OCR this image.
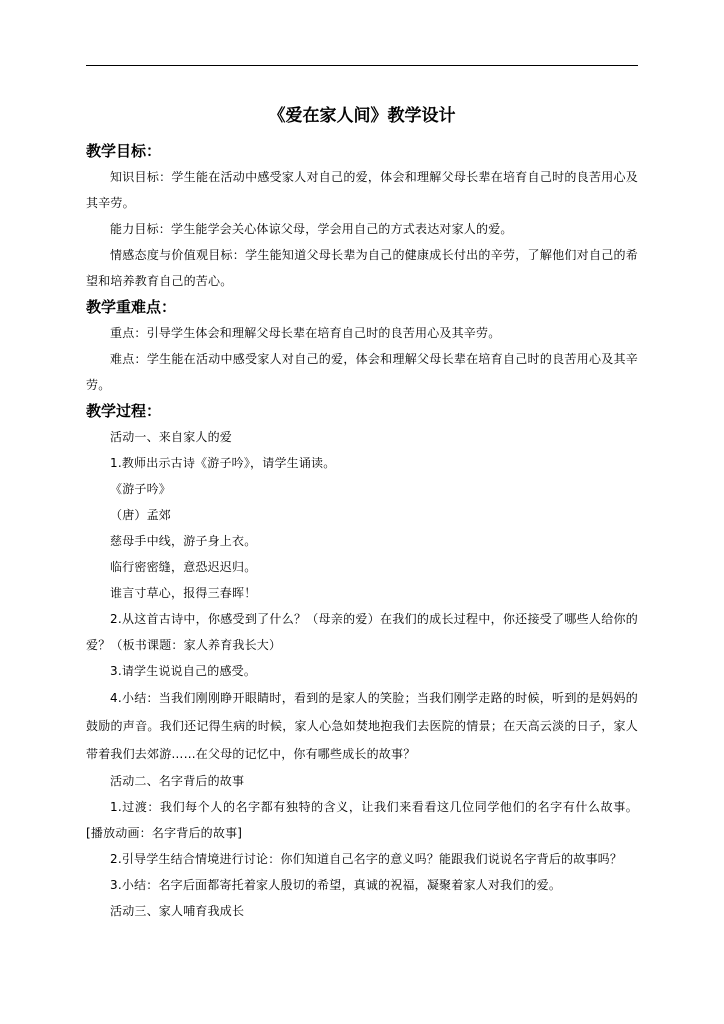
《爱在家人间》教学设计
教学目标：
知识目标：学生能在活动中感受家人对自己的爱，体会和理解父母长辈在培育自己时的良苦用心及其辛劳。
能力目标：学生能学会关心体谅父母，学会用自己的方式表达对家人的爱。
情感态度与价值观目标：学生能知道父母长辈为自己的健康成长付出的辛劳，了解他们对自己的希望和培养教育自己的苦心。
教学重难点：
重点：引导学生体会和理解父母长辈在培育自己时的良苦用心及其辛劳。
难点：学生能在活动中感受家人对自己的爱，体会和理解父母长辈在培育自己时的良苦用心及其辛劳。
教学过程：
活动一、来自家人的爱
1.教师出示古诗《游子吟》，请学生诵读。
《游子吟》
（唐）孟郊
慈母手中线，游子身上衣。
临行密密缝，意恐迟迟归。
谁言寸草心，报得三春晖！
2.从这首古诗中，你感受到了什么？（母亲的爱）在我们的成长过程中，你还接受了哪些人给你的爱？（板书课题：家人养育我长大）
3.请学生说说自己的感受。
4.小结：当我们刚刚睁开眼睛时，看到的是家人的笑脸；当我们刚学走路的时候，听到的是妈妈的鼓励的声音。我们还记得生病的时候，家人心急如焚地抱我们去医院的情景；在天高云淡的日子，家人带着我们去郊游……在父母的记忆中，你有哪些成长的故事？
活动二、名字背后的故事
1.过渡：我们每个人的名字都有独特的含义，让我们来看看这几位同学他们的名字有什么故事。[播放动画：名字背后的故事]
2.引导学生结合情境进行讨论：你们知道自己名字的意义吗？能跟我们说说名字背后的故事吗？
3.小结：名字后面都寄托着家人殷切的希望，真诚的祝福，凝聚着家人对我们的爱。
活动三、家人哺育我成长
